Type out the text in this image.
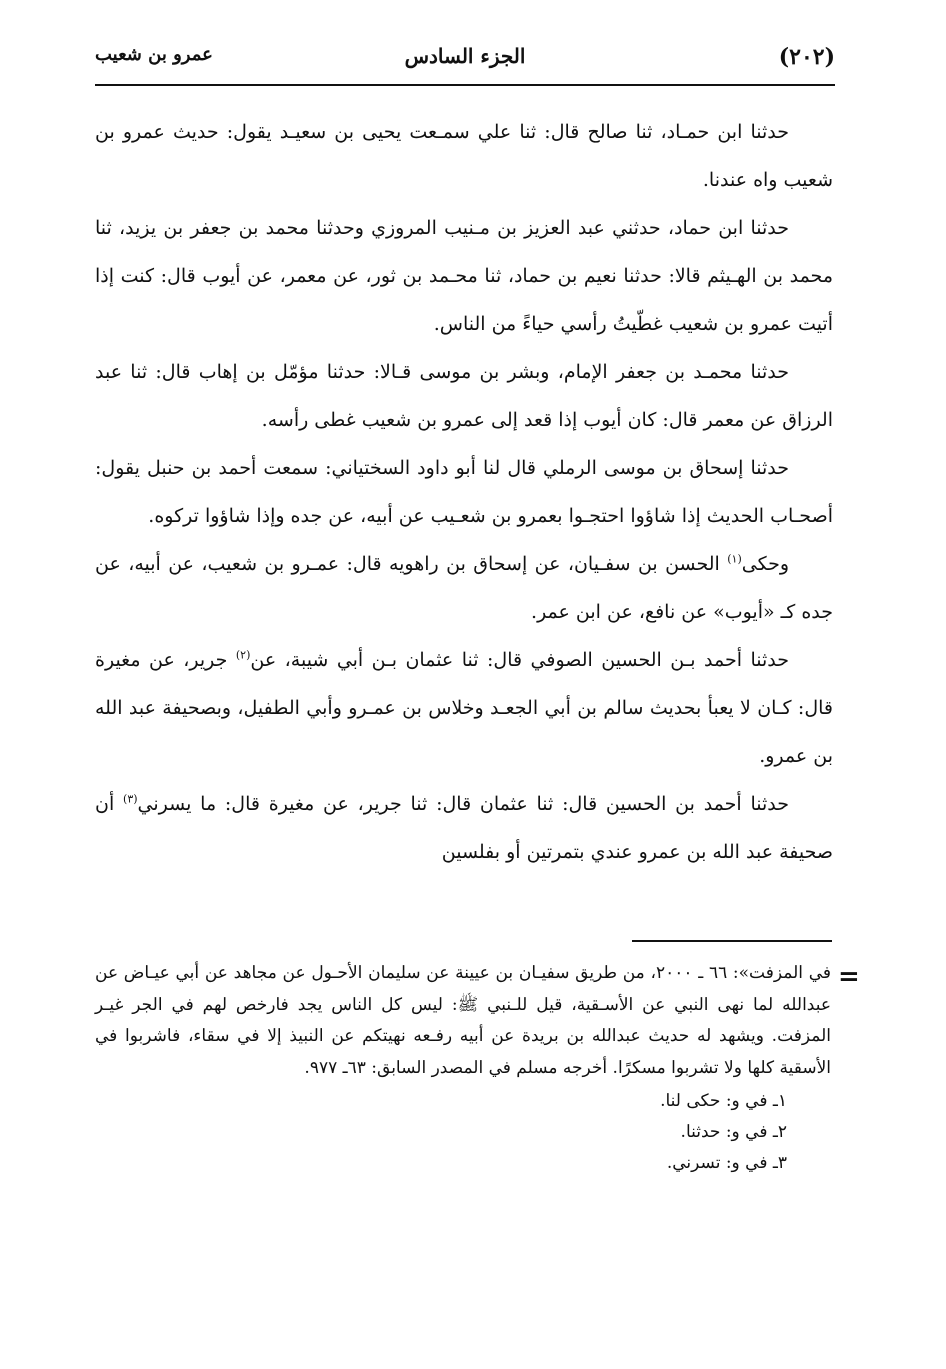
(٢٠٢)
الجزء السادس
عمرو بن شعيب

حدثنا ابن حمـاد، ثنا صالح قال: ثنا علي سمـعت يحيى بن سعيـد يقول: حديث عمرو بن شعيب واه عندنا.

حدثنا ابن حماد، حدثني عبد العزيز بن مـنيب المروزي وحدثنا محمد بن جعفر بن يزيد، ثنا محمد بن الهـيثم قالا: حدثنا نعيم بن حماد، ثنا محـمد بن ثور، عن معمر، عن أيوب قال: كنت إذا أتيت عمرو بن شعيب غطّيتُ رأسي حياءً من الناس.

حدثنا محمـد بن جعفر الإمام، وبشر بن موسى قـالا: حدثنا مؤمّل بن إهاب قال: ثنا عبد الرزاق عن معمر قال: كان أيوب إذا قعد إلى عمرو بن شعيب غطى رأسه.

حدثنا إسحاق بن موسى الرملي قال لنا أبو داود السختياني: سمعت أحمد بن حنبل يقول: أصحـاب الحديث إذا شاؤوا احتجـوا بعمرو بن شعـيب عن أبيه، عن جده وإذا شاؤوا تركوه.

وحكى$^{(١)}$ الحسن بن سفـيان، عن إسحاق بن راهويه قال: عمـرو بن شعيب، عن أبيه، عن جده كـ «أيوب» عن نافع، عن ابن عمر.

حدثنا أحمد بـن الحسين الصوفي قال: ثنا عثمان بـن أبي شيبة، عن$^{(٢)}$ جرير، عن مغيرة قال: كـان لا يعبأ بحديث سالم بن أبي الجعـد وخلاس بن عمـرو وأبي الطفيل، وبصحيفة عبد الله بن عمرو.

حدثنا أحمد بن الحسين قال: ثنا عثمان قال: ثنا جرير، عن مغيرة قال: ما يسرني$^{(٣)}$ أن صحيفة عبد الله بن عمرو عندي بتمرتين أو بفلسين

=

في المزفت»: ٦٦ ـ ٢٠٠٠، من طريق سفيـان بن عيينة عن سليمان الأحـول عن مجاهد عن أبي عيـاض عن عبدالله لما نهى النبي عن الأسـقية، قيل للـنبي ﷺ: ليس كل الناس يجد فارخص لهم في الجر غيـر المزفت. ويشهد له حديث عبدالله بن بريدة عن أبيه رفـعه نهيتكم عن النبيذ إلا في سقاء، فاشربوا في الأسقية كلها ولا تشربوا مسكرًا. أخرجه مسلم في المصدر السابق: ٦٣ـ ٩٧٧.

١ـ في و: حكى لنا.
٢ـ في و: حدثنا.
٣ـ في و: تسرني.
